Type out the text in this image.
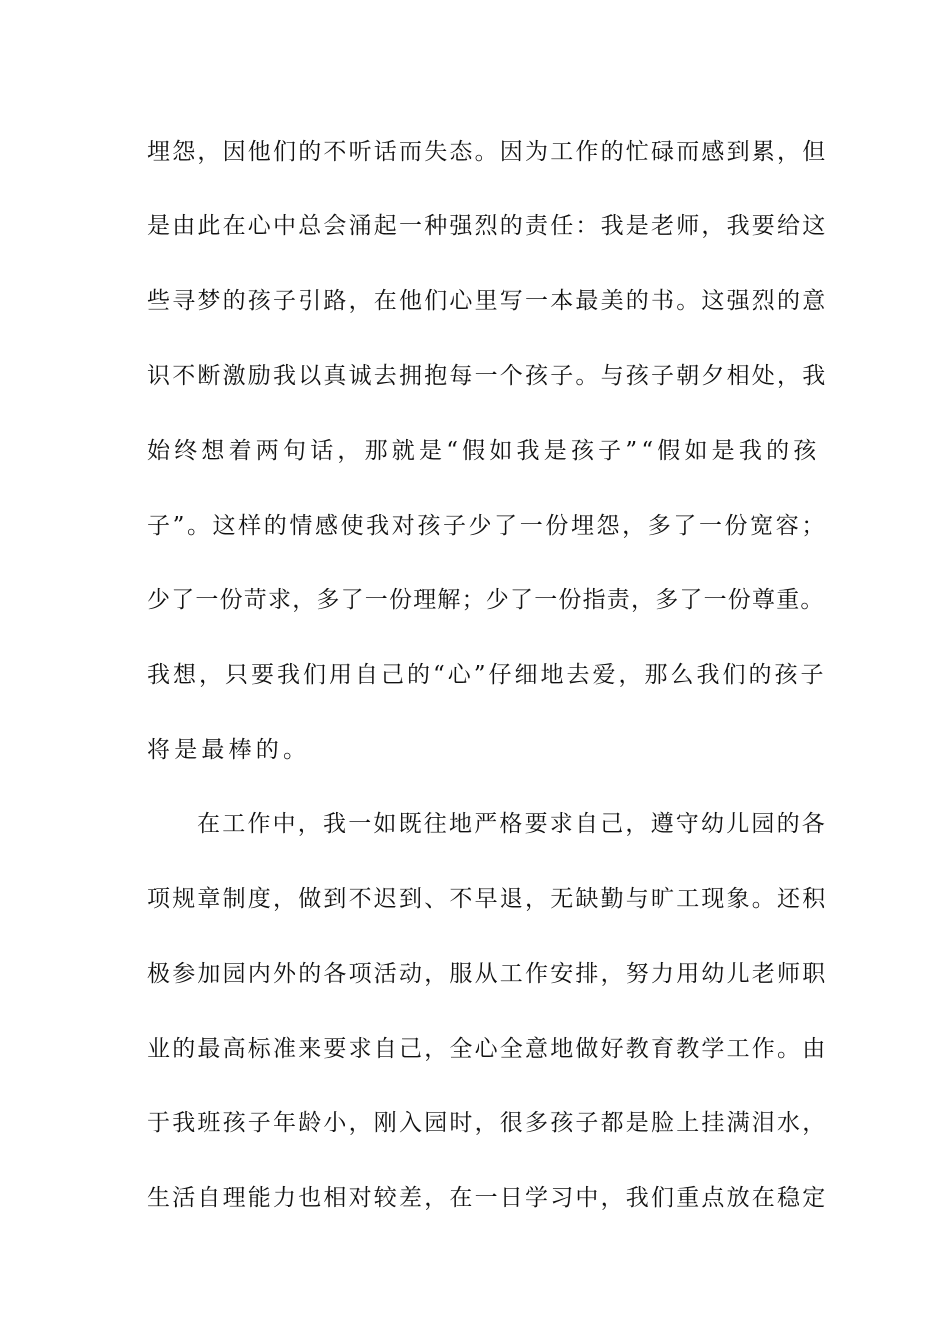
埋怨，因他们的不听话而失态。因为工作的忙碌而感到累，但
是由此在心中总会涌起一种强烈的责任：我是老师，我要给这
些寻梦的孩子引路，在他们心里写一本最美的书。这强烈的意
识不断激励我以真诚去拥抱每一个孩子。与孩子朝夕相处，我
始终想着两句话，那就是“假如我是孩子”“假如是我的孩
子”。这样的情感使我对孩子少了一份埋怨，多了一份宽容；
少了一份苛求，多了一份理解；少了一份指责，多了一份尊重。
我想，只要我们用自己的“心”仔细地去爱，那么我们的孩子
将是最棒的。
在工作中，我一如既往地严格要求自己，遵守幼儿园的各
项规章制度，做到不迟到、不早退，无缺勤与旷工现象。还积
极参加园内外的各项活动，服从工作安排，努力用幼儿老师职
业的最高标准来要求自己，全心全意地做好教育教学工作。由
于我班孩子年龄小，刚入园时，很多孩子都是脸上挂满泪水，
生活自理能力也相对较差，在一日学习中，我们重点放在稳定
